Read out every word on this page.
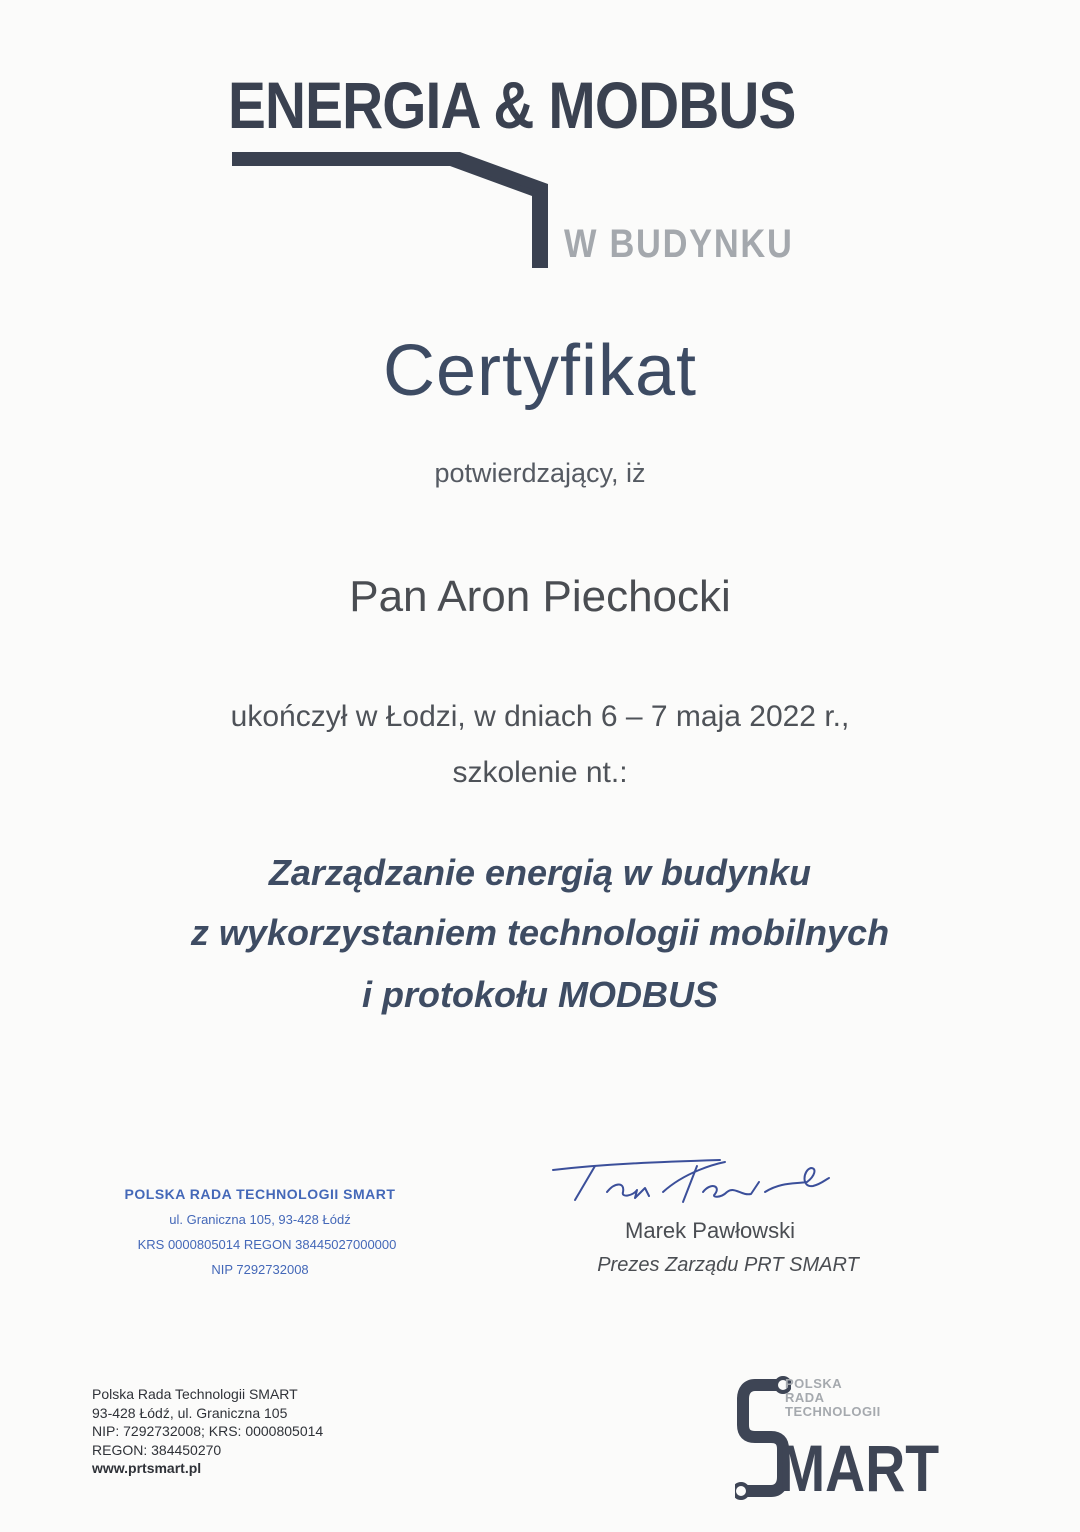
ENERGIA & MODBUS
W BUDYNKU
Certyfikat
potwierdzający, iż
Pan Aron Piechocki
ukończył w Łodzi, w dniach 6 – 7 maja 2022 r.,
szkolenie nt.:
Zarządzanie energią w budynku
z wykorzystaniem technologii mobilnych
i protokołu MODBUS
POLSKA RADA TECHNOLOGII SMART
ul. Graniczna 105, 93-428 Łódź
KRS 0000805014 REGON 38445027000000
NIP 7292732008
Marek Pawłowski
Prezes Zarządu PRT SMART
Polska Rada Technologii SMART
93-428 Łódź, ul. Graniczna 105
NIP: 7292732008; KRS: 0000805014
REGON: 384450270
www.prtsmart.pl
POLSKA
RADA
TECHNOLOGII
MART
